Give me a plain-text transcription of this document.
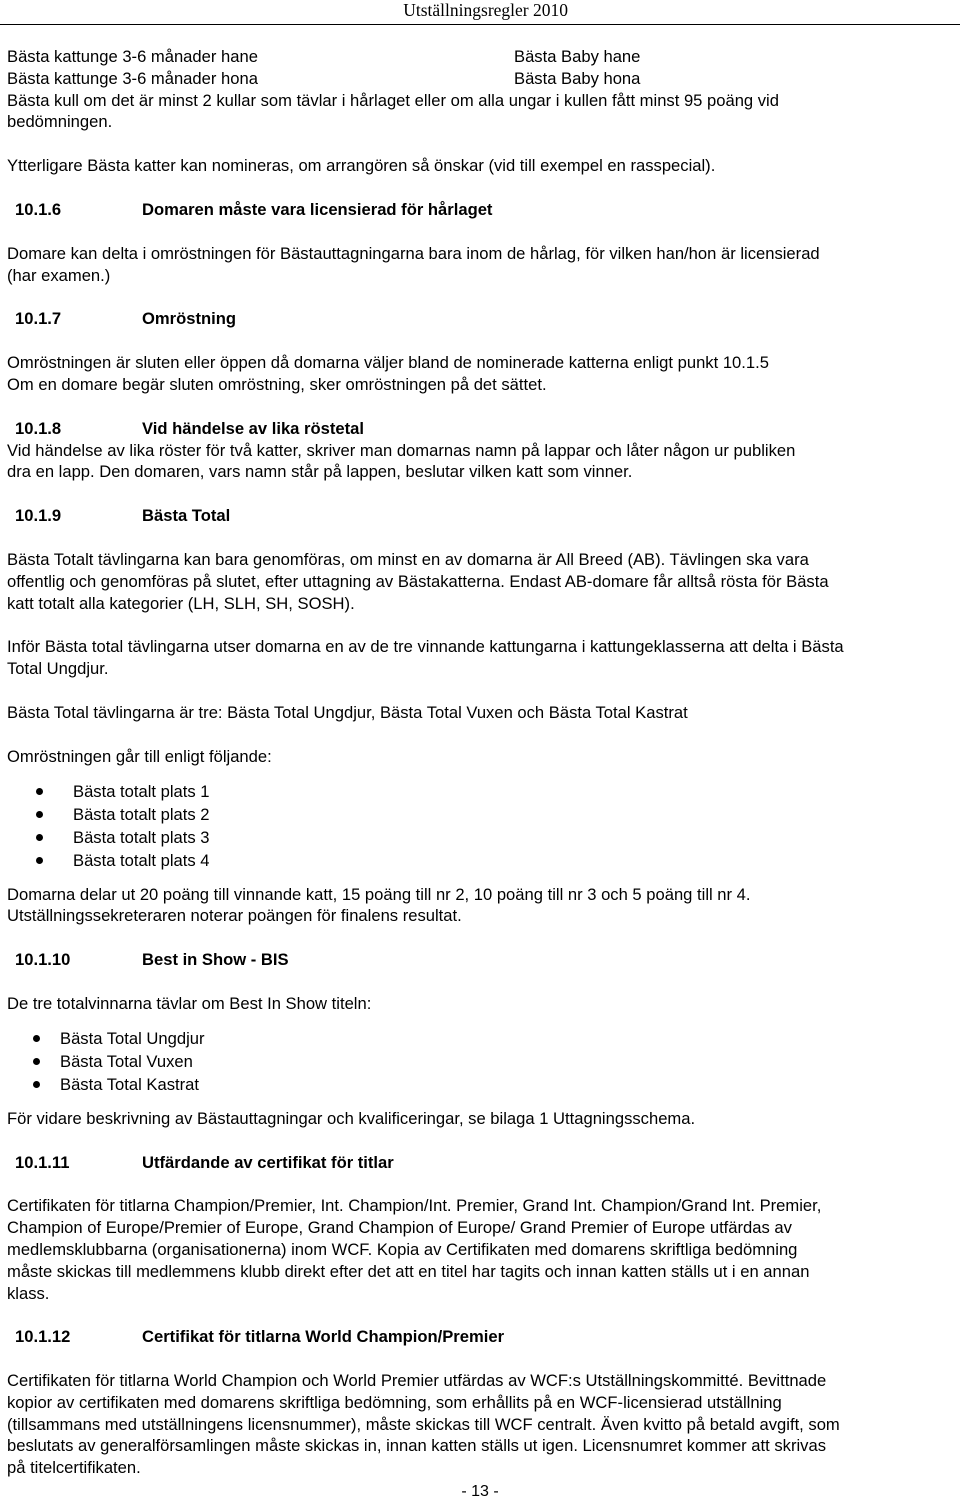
Utställningsregler 2010

Bästa kattunge 3-6 månader hane	Bästa Baby hane

Bästa kattunge 3-6 månader hona	Bästa Baby hona

Bästa kull om det är minst 2 kullar som tävlar i hårlaget eller om alla ungar i kullen fått minst 95 poäng vid

bedömningen.

Ytterligare Bästa katter kan nomineras, om arrangören så önskar (vid till exempel en rasspecial).

10.1.6	Domaren måste vara licensierad för hårlaget

Domare kan delta i omröstningen för Bästauttagningarna bara inom de hårlag, för vilken han/hon är licensierad

(har examen.)

10.1.7	Omröstning

Omröstningen är sluten eller öppen då domarna väljer bland de nominerade katterna enligt punkt 10.1.5

Om en domare begär sluten omröstning, sker omröstningen på det sättet.

10.1.8	Vid händelse av lika röstetal

Vid händelse av lika röster för två katter, skriver man domarnas namn på lappar och låter någon ur publiken

dra en lapp. Den domaren, vars namn står på lappen, beslutar vilken katt som vinner.

10.1.9	Bästa Total

Bästa Totalt tävlingarna kan bara genomföras, om minst en av domarna är All Breed (AB). Tävlingen ska vara

offentlig och genomföras på slutet, efter uttagning av Bästakatterna. Endast AB-domare får alltså rösta för Bästa

katt totalt alla kategorier (LH, SLH, SH, SOSH).

Inför Bästa total tävlingarna utser domarna en av de tre vinnande kattungarna i kattungeklasserna att delta i Bästa

Total Ungdjur.

Bästa Total tävlingarna är tre: Bästa Total Ungdjur, Bästa Total Vuxen och Bästa Total Kastrat

Omröstningen går till enligt följande:

Bästa totalt plats 1
Bästa totalt plats 2
Bästa totalt plats 3
Bästa totalt plats 4

Domarna delar ut 20 poäng till vinnande katt, 15 poäng till nr 2, 10 poäng till nr 3 och 5 poäng till nr 4.

Utställningssekreteraren noterar poängen för finalens resultat.

10.1.10	Best in Show - BIS

De tre totalvinnarna tävlar om Best In Show titeln:

Bästa Total Ungdjur
Bästa Total Vuxen
Bästa Total Kastrat

För vidare beskrivning av Bästauttagningar och kvalificeringar, se bilaga 1 Uttagningsschema.

10.1.11	Utfärdande av certifikat för titlar

Certifikaten för titlarna Champion/Premier, Int. Champion/Int. Premier, Grand Int. Champion/Grand Int. Premier,

Champion of Europe/Premier of Europe, Grand Champion of Europe/ Grand Premier of Europe utfärdas av

medlemsklubbarna (organisationerna) inom WCF. Kopia av Certifikaten med domarens skriftliga bedömning

måste skickas till medlemmens klubb direkt efter det att en titel har tagits och innan katten ställs ut i en annan

klass.

10.1.12	Certifikat för titlarna World Champion/Premier

Certifikaten för titlarna World Champion och World Premier utfärdas av WCF:s Utställningskommitté. Bevittnade

kopior av certifikaten med domarens skriftliga bedömning, som erhållits på en WCF-licensierad utställning

(tillsammans med utställningens licensnummer), måste skickas till WCF centralt. Även kvitto på betald avgift, som

beslutats av generalförsamlingen måste skickas in, innan katten ställs ut igen. Licensnumret kommer att skrivas

på titelcertifikaten.

- 13 -
